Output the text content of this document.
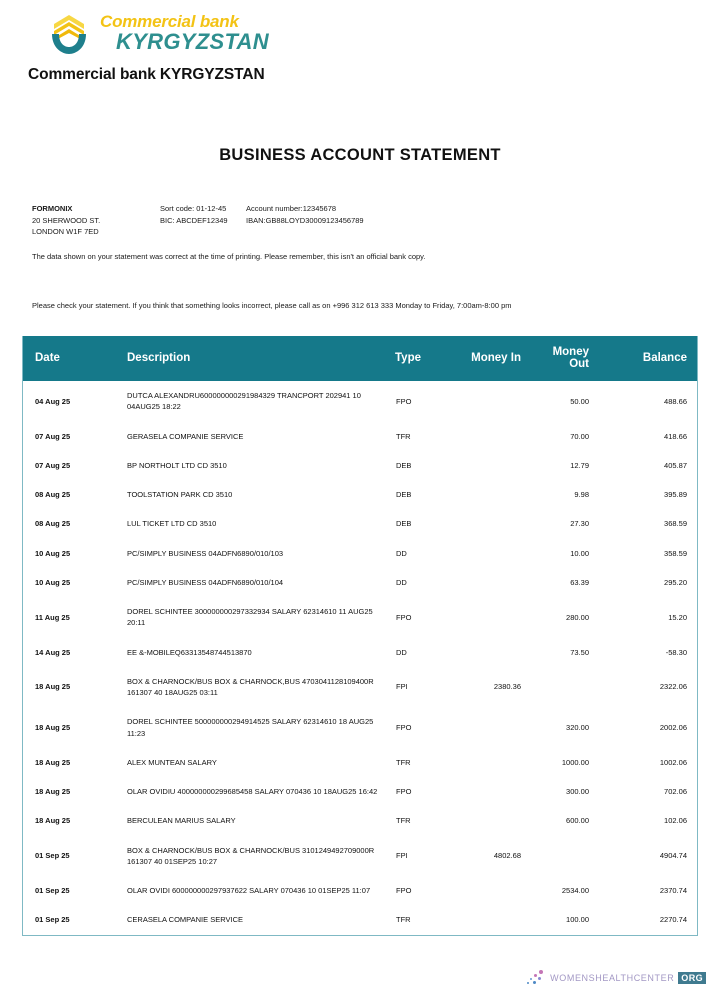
Commercial bank
KYRGYZSTAN
Commercial bank KYRGYZSTAN
BUSINESS ACCOUNT STATEMENT
FORMONIX	Sort code: 01-12-45	Account number:12345678
20 SHERWOOD ST.	BIC: ABCDEF12349	IBAN:GB88LOYD30009123456789
LONDON W1F 7ED
The data shown on your statement was correct at the time of printing. Please remember, this isn't an official bank copy.
Please check your statement. If you think that something looks incorrect, please call as on +996 312 613 333 Monday to Friday, 7:00am-8:00 pm
Date	Description	Type	Money In	Money Out	Balance
04 Aug 25	DUTCA ALEXANDRU600000000291984329 TRANCPORT 202941 10 04AUG25 18:22	FPO		50.00	488.66
07 Aug 25	GERASELA COMPANIE SERVICE	TFR		70.00	418.66
07 Aug 25	BP NORTHOLT LTD CD 3510	DEB		12.79	405.87
08 Aug 25	TOOLSTATION PARK CD 3510	DEB		9.98	395.89
08 Aug 25	LUL TICKET LTD CD 3510	DEB		27.30	368.59
10 Aug 25	PC/SIMPLY BUSINESS 04ADFN6890/010/103	DD		10.00	358.59
10 Aug 25	PC/SIMPLY BUSINESS 04ADFN6890/010/104	DD		63.39	295.20
11 Aug 25	DOREL SCHINTEE 300000000297332934 SALARY 62314610 11 AUG25 20:11	FPO		280.00	15.20
14 Aug 25	EE &-MOBILEQ63313548744513870	DD		73.50	-58.30
18 Aug 25	BOX & CHARNOCK/BUS BOX & CHARNOCK,BUS 4703041128109400R 161307 40 18AUG25 03:11	FPI	2380.36		2322.06
18 Aug 25	DOREL SCHINTEE 500000000294914525 SALARY 62314610 18 AUG25 11:23	FPO		320.00	2002.06
18 Aug 25	ALEX MUNTEAN SALARY	TFR		1000.00	1002.06
18 Aug 25	OLAR OVIDIU 400000000299685458 SALARY 070436 10 18AUG25 16:42	FPO		300.00	702.06
18 Aug 25	BERCULEAN MARIUS SALARY	TFR		600.00	102.06
01 Sep 25	BOX & CHARNOCK/BUS BOX & CHARNOCK/BUS 3101249492709000R 161307 40 01SEP25 10:27	FPI	4802.68		4904.74
01 Sep 25	OLAR OVIDI 600000000297937622 SALARY 070436 10 01SEP25 11:07	FPO		2534.00	2370.74
01 Sep 25	CERASELA COMPANIE SERVICE	TFR		100.00	2270.74
WOMENSHEALTHCENTER ORG
